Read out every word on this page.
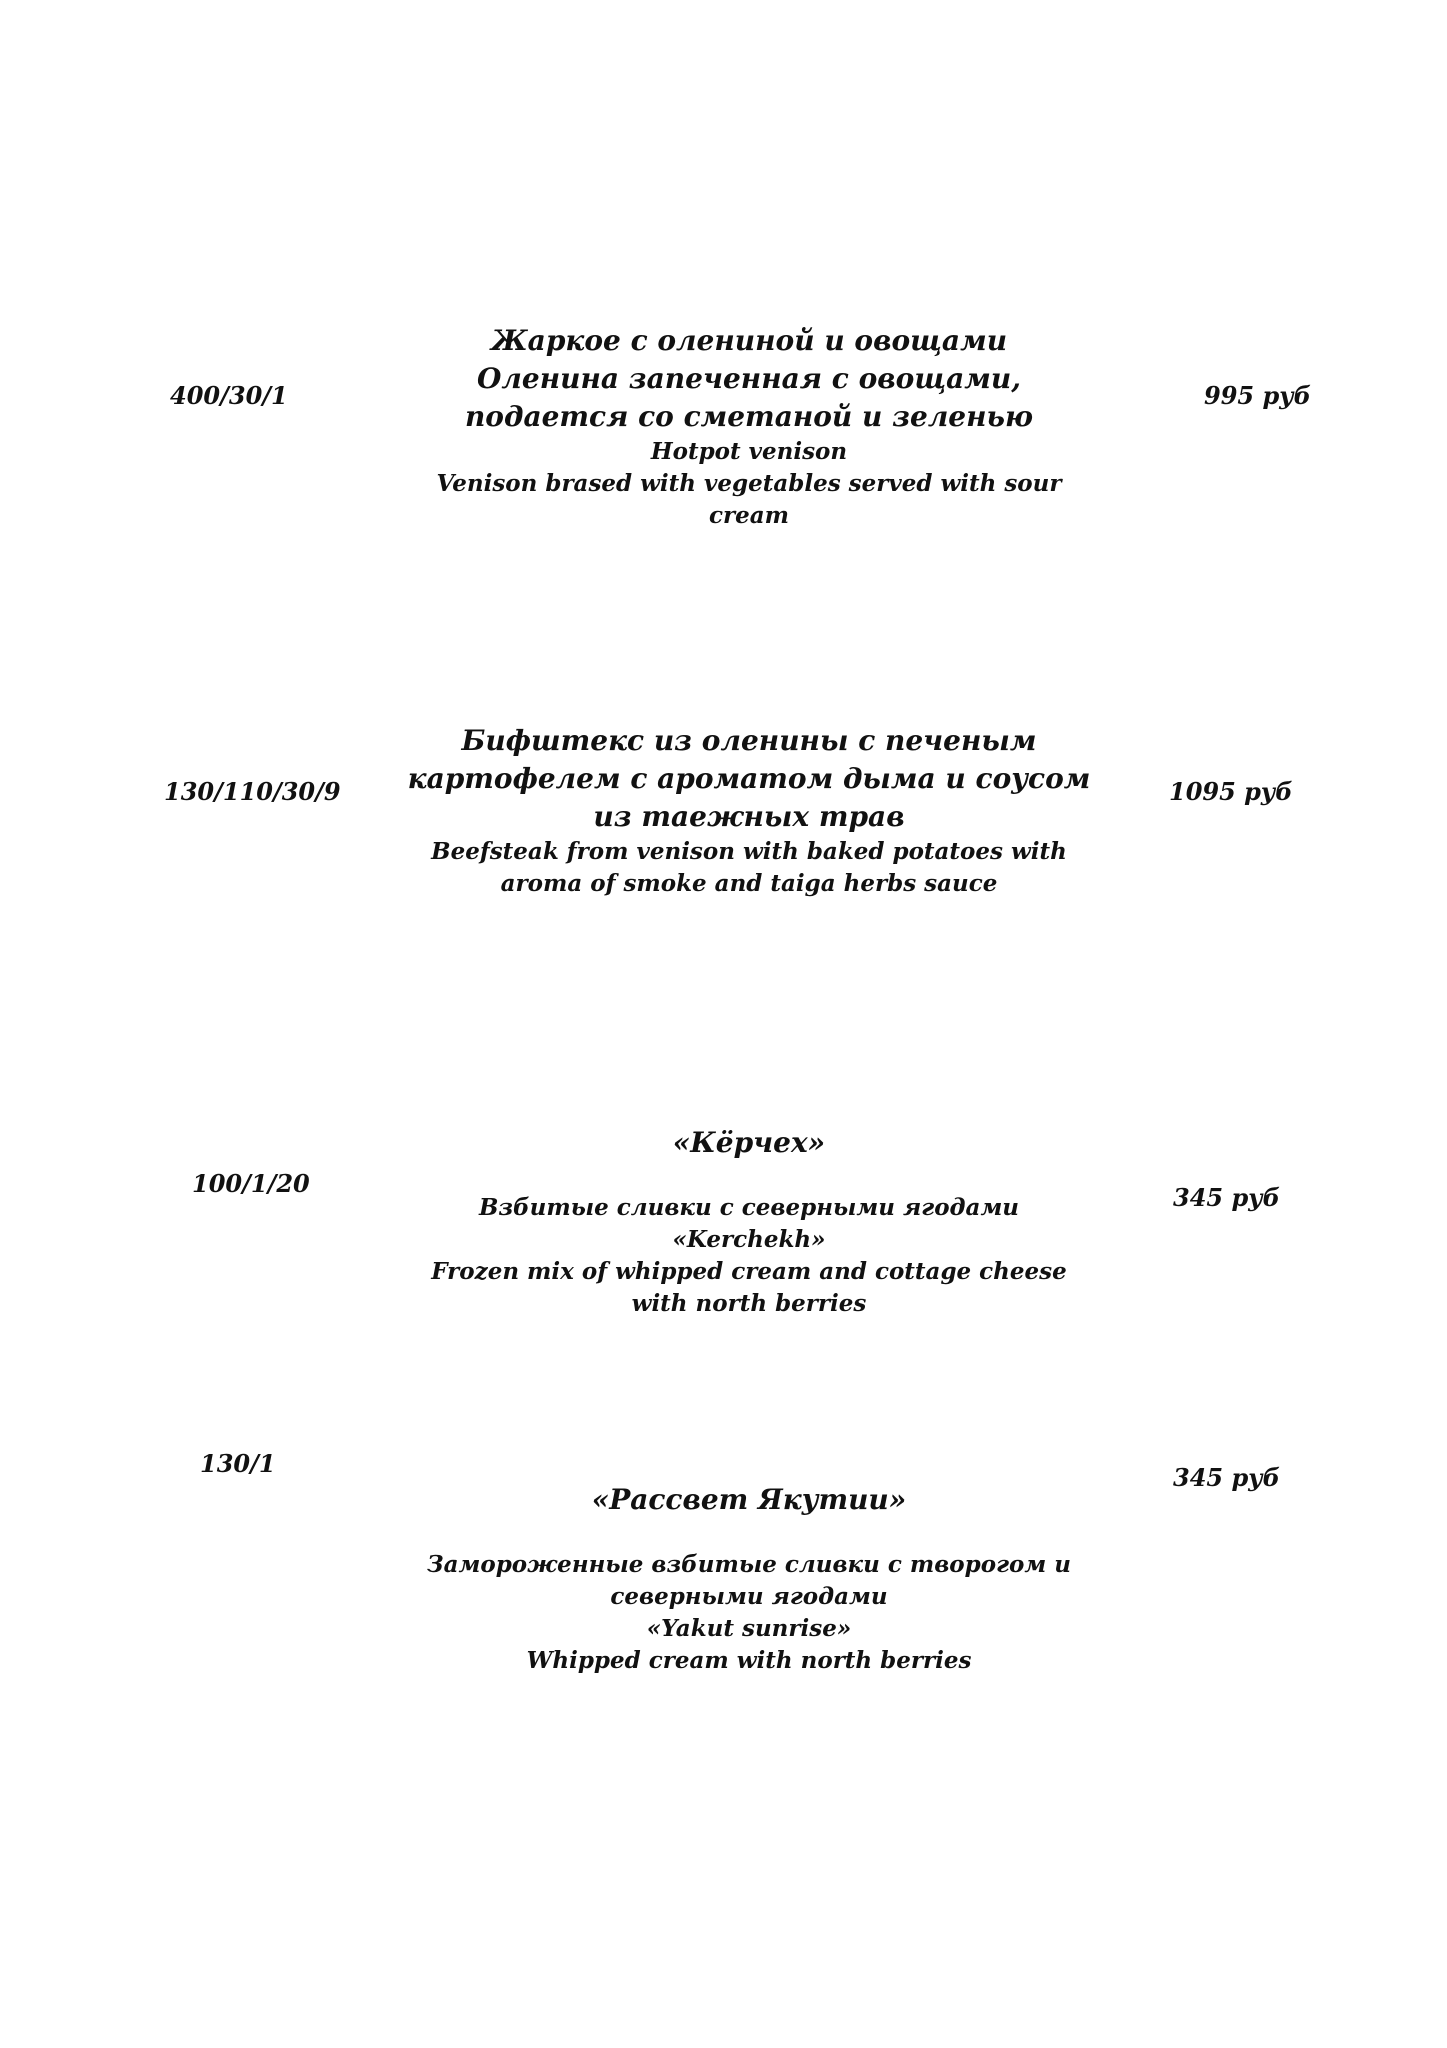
400/30/1
Жаркое с олениной и овощами
Оленина запеченная с овощами,
подается со сметаной и зеленью
Hotpot venison
Venison brased with vegetables served with sour
cream
995 руб
130/110/30/9
Бифштекс из оленины с печеным
картофелем с ароматом дыма и соусом
из таежных трав
Beefsteak from venison with baked potatoes with
aroma of smoke and taiga herbs sauce
1095 руб
100/1/20
«Кёрчех»
Взбитые сливки с северными ягодами
«Kerchekh»
Frozen mix of whipped cream and cottage cheese
with north berries
345 руб
130/1
«Рассвет Якутии»
Замороженные взбитые сливки с творогом и
северными ягодами
«Yakut sunrise»
Whipped cream with north berries
345 руб
